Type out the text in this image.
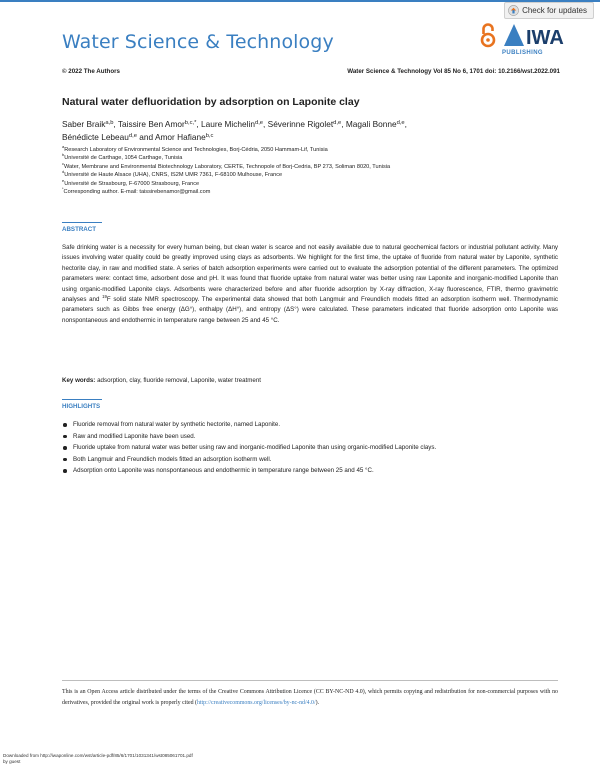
Check for updates
Water Science & Technology	IWA
PUBLISHING
© 2022 The Authors	Water Science & Technology Vol 85 No 6, 1701 doi: 10.2166/wst.2022.091
Natural water defluoridation by adsorption on Laponite clay
Saber Braik$^{a,b}$, Taissire Ben Amor$^{b,c,*}$, Laure Michelin$^{d,e}$, Séverinne Rigolet$^{d,e}$, Magali Bonne$^{d,e}$,
Bénédicte Lebeau$^{d,e}$ and Amor Hafiane$^{b,c}$
$^a$Research Laboratory of Environmental Science and Technologies, Borj-Cédria, 2050 Hammam-Lif, Tunisia
$^b$Université de Carthage, 1054 Carthage, Tunisia
$^c$Water, Membrane and Environmental Biotechnology Laboratory, CERTE, Technopole of Borj-Cedria, BP 273, Soliman 8020, Tunisia
$^d$Université de Haute Alsace (UHA), CNRS, IS2M UMR 7361, F-68100 Mulhouse, France
$^e$Université de Strasbourg, F-67000 Strasbourg, France
*Corresponding author. E-mail: taissirebenamor@gmail.com
ABSTRACT
Safe drinking water is a necessity for every human being, but clean water is scarce and not easily available due to natural geochemical factors or industrial pollutant activity. Many issues involving water quality could be greatly improved using clays as adsorbents. We highlight for the first time, the uptake of fluoride from natural water by Laponite, synthetic hectorite clay, in raw and modified state. A series of batch adsorption experiments were carried out to evaluate the adsorption potential of the different parameters. The optimized parameters were: contact time, adsorbent dose and pH. It was found that fluoride uptake from natural water was better using raw Laponite and inorganic-modified Laponite than using organic-modified Laponite clays. Adsorbents were characterized before and after fluoride adsorption by X-ray diffraction, X-ray fluorescence, FTIR, thermo gravimetric analyses and $^{19}$F solid state NMR spectroscopy. The experimental data showed that both Langmuir and Freundlich models fitted an adsorption isotherm well. Thermodynamic parameters such as Gibbs free energy (ΔG°), enthalpy (ΔH°), and entropy (ΔS°) were calculated. These parameters indicated that fluoride adsorption onto Laponite was nonspontaneous and endothermic in temperature range between 25 and 45 °C.
Key words: adsorption, clay, fluoride removal, Laponite, water treatment
HIGHLIGHTS
Fluoride removal from natural water by synthetic hectorite, named Laponite.
Raw and modified Laponite have been used.
Fluoride uptake from natural water was better using raw and inorganic-modified Laponite than using organic-modified Laponite clays.
Both Langmuir and Freundlich models fitted an adsorption isotherm well.
Adsorption onto Laponite was nonspontaneous and endothermic in temperature range between 25 and 45 °C.
This is an Open Access article distributed under the terms of the Creative Commons Attribution Licence (CC BY-NC-ND 4.0), which permits copying and redistribution for non-commercial purposes with no derivatives, provided the original work is properly cited (http://creativecommons.org/licenses/by-nc-nd/4.0/).
Downloaded from http://iwaponline.com/wst/article-pdf/85/6/1701/1031341/wst085061701.pdf
by guest
